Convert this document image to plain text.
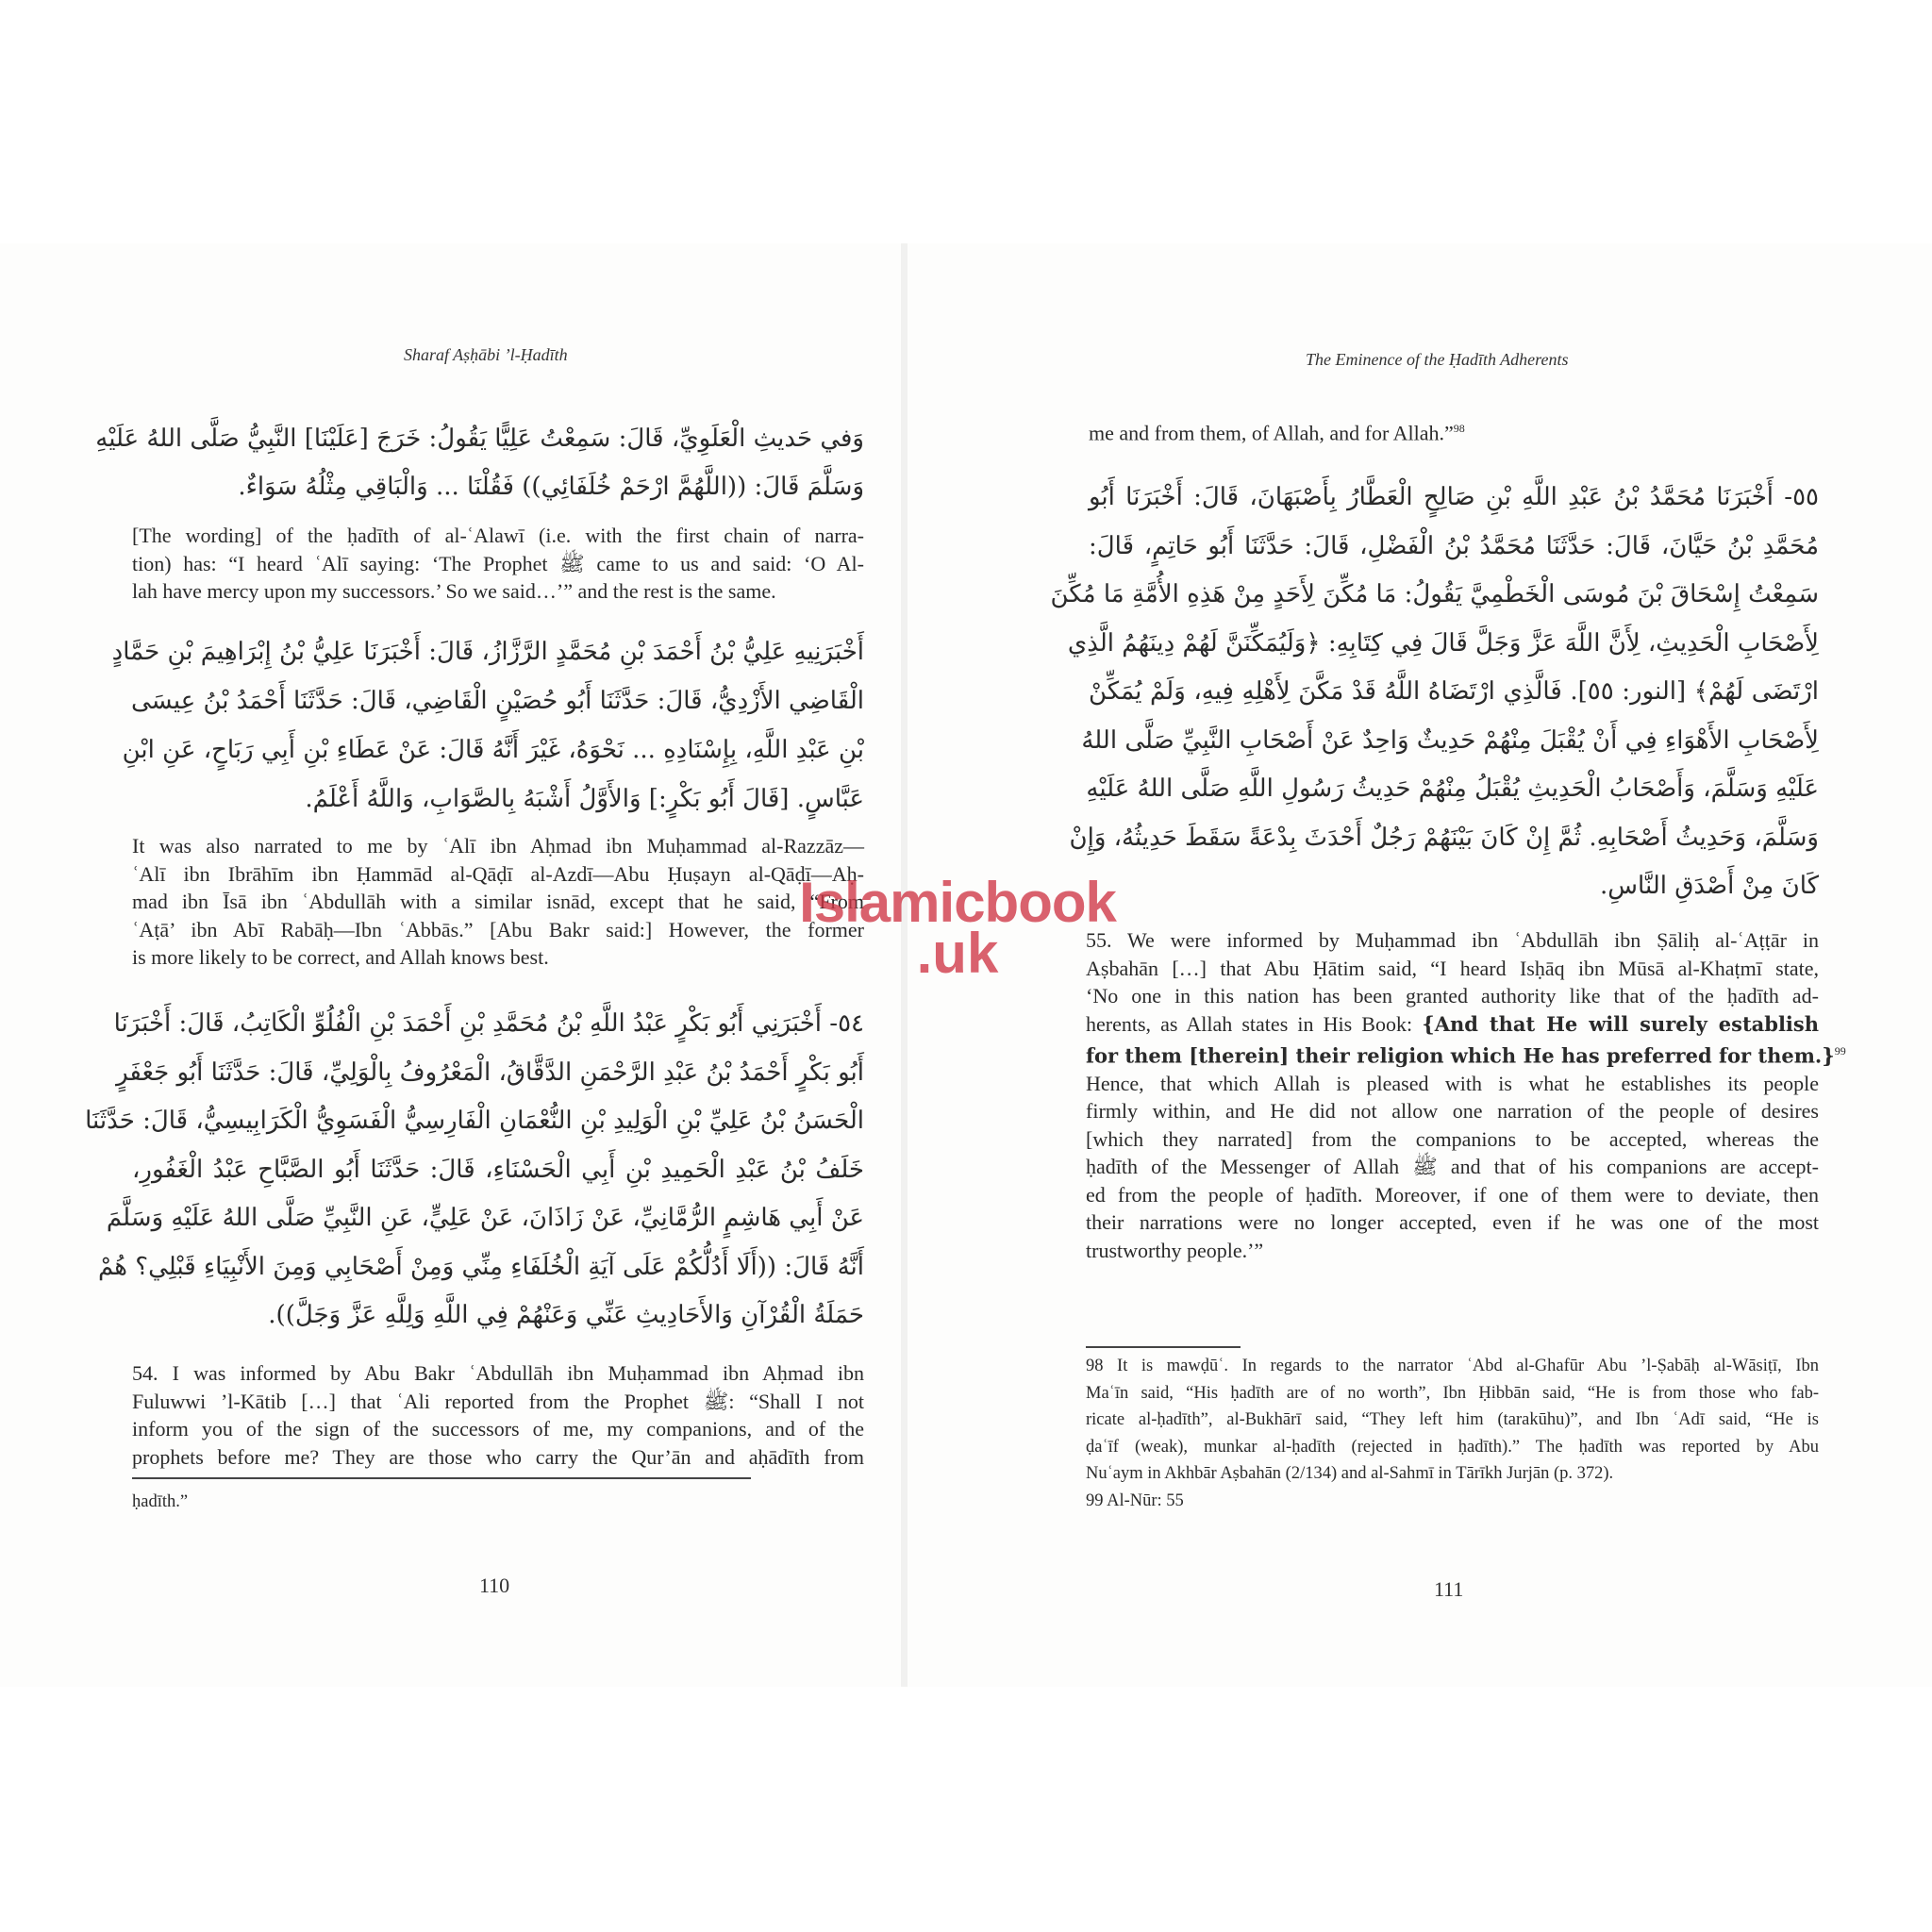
Sharaf Aṣḥābi ’l-Ḥadīth

وَفي حَديثِ الْعَلَوِيِّ، قَالَ: سَمِعْتُ عَلِيًّا يَقُولُ: خَرَجَ [عَلَيْنَا] النَّبِيُّ صَلَّى اللهُ عَلَيْهِ
وَسَلَّمَ قَالَ: ((اللَّهُمَّ ارْحَمْ خُلَفَائِي)) فَقُلْنَا ... وَالْبَاقِي مِثْلُهُ سَوَاءٌ.

[The wording] of the ḥadīth of al-ʿAlawī (i.e. with the first chain of narra-
tion) has: “I heard ʿAlī saying: ‘The Prophet ﷺ came to us and said: ‘O Al-
lah have mercy upon my successors.’ So we said…’” and the rest is the same.

أَخْبَرَنِيهِ عَلِيُّ بْنُ أَحْمَدَ بْنِ مُحَمَّدٍ الرَّزَّازُ، قَالَ: أَخْبَرَنَا عَلِيُّ بْنُ إِبْرَاهِيمَ بْنِ حَمَّادٍ
الْقَاضِي الأَزْدِيُّ، قَالَ: حَدَّثَنَا أَبُو حُصَيْنٍ الْقَاضِي، قَالَ: حَدَّثَنَا أَحْمَدُ بْنُ عِيسَى
بْنِ عَبْدِ اللَّهِ، بِإِسْنَادِهِ ... نَحْوَهُ، غَيْرَ أَنَّهُ قَالَ: عَنْ عَطَاءِ بْنِ أَبِي رَبَاحٍ، عَنِ ابْنِ
عَبَّاسٍ. [قَالَ أَبُو بَكْرٍ:] وَالأَوَّلُ أَشْبَهُ بِالصَّوَابِ، وَاللَّهُ أَعْلَمُ.

It was also narrated to me by ʿAlī ibn Aḥmad ibn Muḥammad al-Razzāz—
ʿAlī ibn Ibrāhīm ibn Ḥammād al-Qāḍī al-Azdī—Abu Ḥuṣayn al-Qāḍī—Aḥ-
mad ibn Īsā ibn ʿAbdullāh with a similar isnād, except that he said, “From
ʿAṭā’ ibn Abī Rabāḥ—Ibn ʿAbbās.” [Abu Bakr said:] However, the former
is more likely to be correct, and Allah knows best.

٥٤- أَخْبَرَنِي أَبُو بَكْرٍ عَبْدُ اللَّهِ بْنُ مُحَمَّدِ بْنِ أَحْمَدَ بْنِ الْفُلُوِّ الْكَاتِبُ، قَالَ: أَخْبَرَنَا
أَبُو بَكْرٍ أَحْمَدُ بْنُ عَبْدِ الرَّحْمَنِ الدَّقَّاقُ، الْمَعْرُوفُ بِالْوَلِيِّ، قَالَ: حَدَّثَنَا أَبُو جَعْفَرٍ
الْحَسَنُ بْنُ عَلِيِّ بْنِ الْوَلِيدِ بْنِ النُّعْمَانِ الْفَارِسِيُّ الْفَسَوِيُّ الْكَرَابِيسِيُّ، قَالَ: حَدَّثَنَا
خَلَفُ بْنُ عَبْدِ الْحَمِيدِ بْنِ أَبِي الْحَسْنَاءِ، قَالَ: حَدَّثَنَا أَبُو الصَّبَّاحِ عَبْدُ الْغَفُورِ،
عَنْ أَبِي هَاشِمٍ الرُّمَّانِيِّ، عَنْ زَاذَانَ، عَنْ عَلِيٍّ، عَنِ النَّبِيِّ صَلَّى اللهُ عَلَيْهِ وَسَلَّمَ
أَنَّهُ قَالَ: ((أَلَا أَدُلُّكُمْ عَلَى آيَةِ الْخُلَفَاءِ مِنِّي وَمِنْ أَصْحَابِي وَمِنَ الأَنْبِيَاءِ قَبْلِي؟ هُمْ
حَمَلَةُ الْقُرْآنِ وَالأَحَادِيثِ عَنِّي وَعَنْهُمْ فِي اللَّهِ وَلِلَّهِ عَزَّ وَجَلَّ)).

54. I was informed by Abu Bakr ʿAbdullāh ibn Muḥammad ibn Aḥmad ibn
Fuluwwi ’l-Kātib […] that ʿAli reported from the Prophet ﷺ: “Shall I not
inform you of the sign of the successors of me, my companions, and of the
prophets before me? They are those who carry the Qur’ān and aḥādīth from

ḥadīth.”

110
The Eminence of the Ḥadīth Adherents

me and from them, of Allah, and for Allah.”$^{98}$

٥٥- أَخْبَرَنَا مُحَمَّدُ بْنُ عَبْدِ اللَّهِ بْنِ صَالِحٍ الْعَطَّارُ بِأَصْبَهَانَ، قَالَ: أَخْبَرَنَا أَبُو
مُحَمَّدِ بْنُ حَيَّانَ، قَالَ: حَدَّثَنَا مُحَمَّدُ بْنُ الْفَضْلِ، قَالَ: حَدَّثَنَا أَبُو حَاتِمٍ، قَالَ:
سَمِعْتُ إِسْحَاقَ بْنَ مُوسَى الْخَطْمِيَّ يَقُولُ: مَا مُكِّنَ لِأَحَدٍ مِنْ هَذِهِ الأُمَّةِ مَا مُكِّنَ
لِأَصْحَابِ الْحَدِيثِ، لِأَنَّ اللَّهَ عَزَّ وَجَلَّ قَالَ فِي كِتَابِهِ: ﴿وَلَيُمَكِّنَنَّ لَهُمْ دِينَهُمُ الَّذِي
ارْتَضَى لَهُمْ﴾ [النور: ٥٥]. فَالَّذِي ارْتَضَاهُ اللَّهُ قَدْ مَكَّنَ لِأَهْلِهِ فِيهِ، وَلَمْ يُمَكِّنْ
لِأَصْحَابِ الأَهْوَاءِ فِي أَنْ يُقْبَلَ مِنْهُمْ حَدِيثٌ وَاحِدٌ عَنْ أَصْحَابِ النَّبِيِّ صَلَّى اللهُ
عَلَيْهِ وَسَلَّمَ، وَأَصْحَابُ الْحَدِيثِ يُقْبَلُ مِنْهُمْ حَدِيثُ رَسُولِ اللَّهِ صَلَّى اللهُ عَلَيْهِ
وَسَلَّمَ، وَحَدِيثُ أَصْحَابِهِ. ثُمَّ إِنْ كَانَ بَيْنَهُمْ رَجُلٌ أَحْدَثَ بِدْعَةً سَقَطَ حَدِيثُهُ، وَإِنْ
كَانَ مِنْ أَصْدَقِ النَّاسِ.

55. We were informed by Muḥammad ibn ʿAbdullāh ibn Ṣāliḥ al-ʿAṭṭār in
Aṣbahān […] that Abu Ḥātim said, “I heard Isḥāq ibn Mūsā al-Khaṭmī state,
‘No one in this nation has been granted authority like that of the ḥadīth ad-
herents, as Allah states in His Book: {And that He will surely establish
for them [therein] their religion which He has preferred for them.}$^{99}$
Hence, that which Allah is pleased with is what he establishes its people
firmly within, and He did not allow one narration of the people of desires
[which they narrated] from the companions to be accepted, whereas the
ḥadīth of the Messenger of Allah ﷺ and that of his companions are accept-
ed from the people of ḥadīth. Moreover, if one of them were to deviate, then
their narrations were no longer accepted, even if he was one of the most
trustworthy people.’”

98 It is mawḍūʿ. In regards to the narrator ʿAbd al-Ghafūr Abu ’l-Ṣabāḥ al-Wāsiṭī, Ibn
Maʿīn said, “His ḥadīth are of no worth”, Ibn Ḥibbān said, “He is from those who fab-
ricate al-ḥadīth”, al-Bukhārī said, “They left him (tarakūhu)”, and Ibn ʿAdī said, “He is
ḍaʿīf (weak), munkar al-ḥadīth (rejected in ḥadīth).” The ḥadīth was reported by Abu
Nuʿaym in Akhbār Aṣbahān (2/134) and al-Sahmī in Tārīkh Jurjān (p. 372).
99 Al-Nūr: 55

111
Islamicbook
.uk
